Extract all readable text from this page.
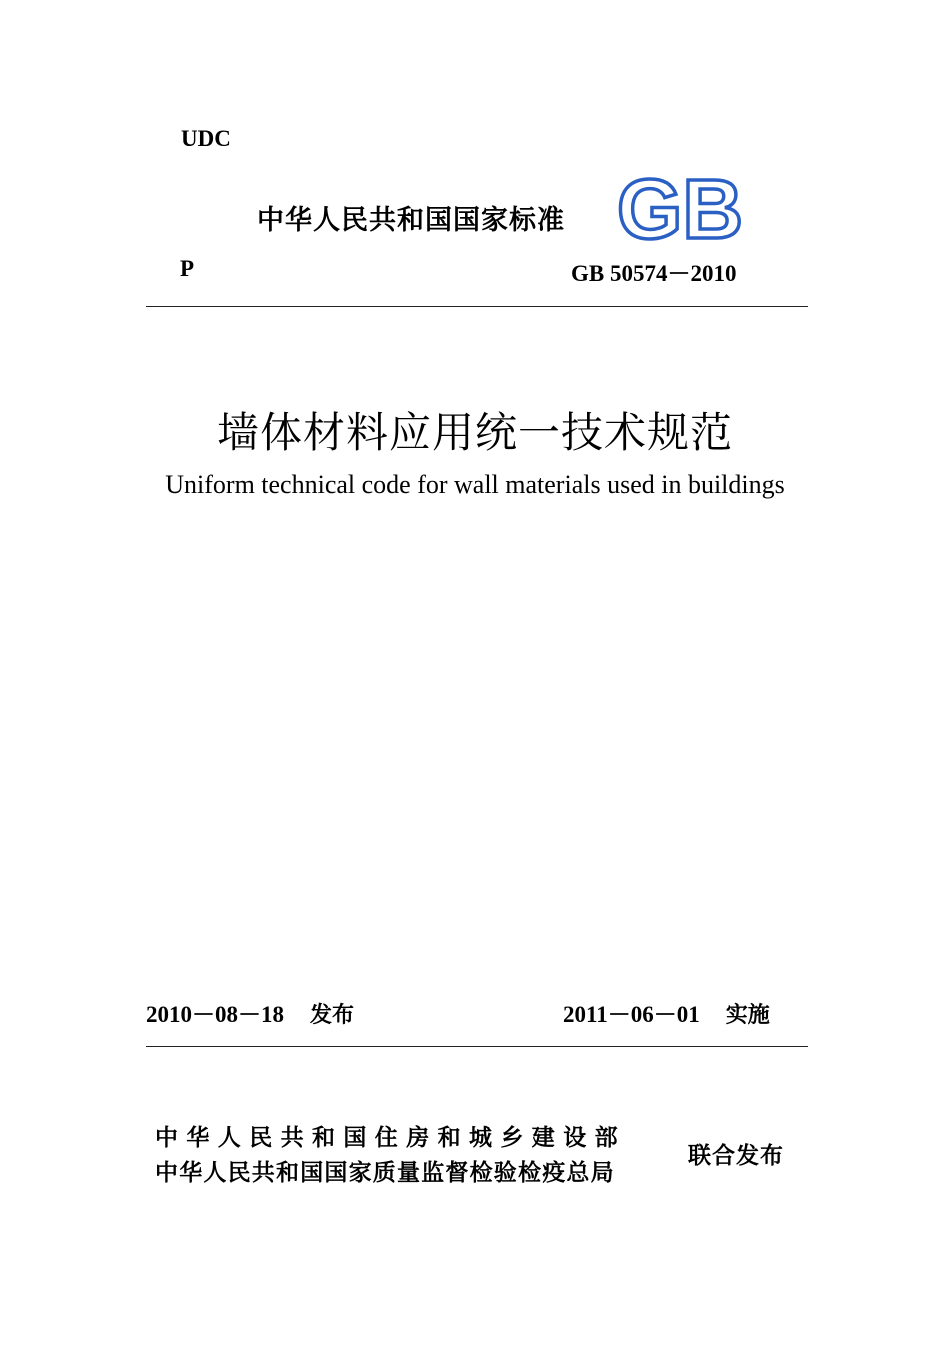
UDC
中华人民共和国国家标准 GB
P	GB 50574－2010
墙体材料应用统一技术规范
Uniform technical code for wall materials used in buildings
2010－08－18 发布	2011－06－01 实施
中华人民共和国住房和城乡建设部
中华人民共和国国家质量监督检验检疫总局
联合发布
